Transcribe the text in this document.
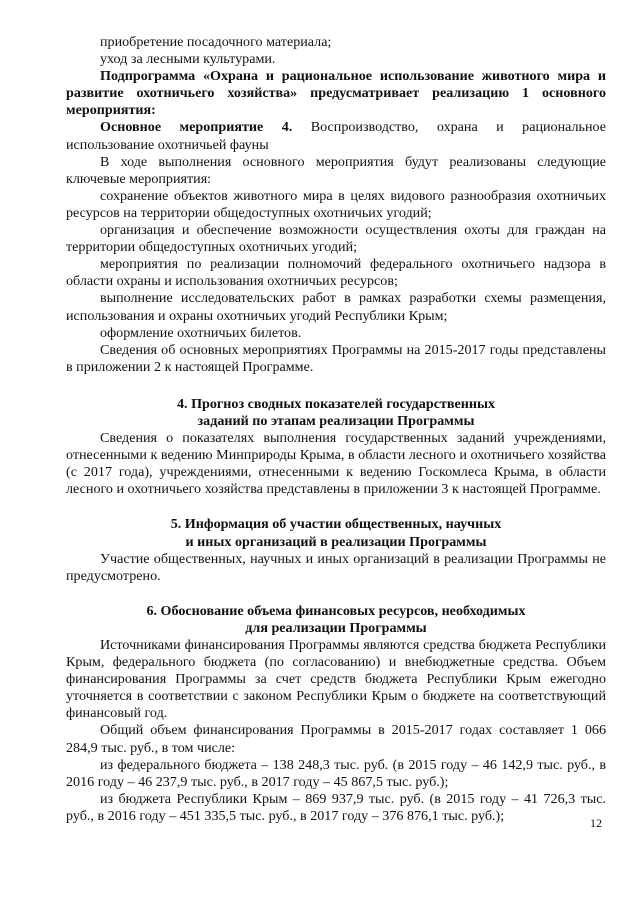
приобретение посадочного материала;

уход за лесными культурами.

Подпрограмма «Охрана и рациональное использование животного мира и развитие охотничьего хозяйства» предусматривает реализацию 1 основного мероприятия:

Основное мероприятие 4. Воспроизводство, охрана и рациональное использование охотничьей фауны

В ходе выполнения основного мероприятия будут реализованы следующие ключевые мероприятия:

сохранение объектов животного мира в целях видового разнообразия охотничьих ресурсов на территории общедоступных охотничьих угодий;

организация и обеспечение возможности осуществления охоты для граждан на территории общедоступных охотничьих угодий;

мероприятия по реализации полномочий федерального охотничьего надзора в области охраны и использования охотничьих ресурсов;

выполнение исследовательских работ в рамках разработки схемы размещения, использования и охраны охотничьих угодий Республики Крым;

оформление охотничьих билетов.

Сведения об основных мероприятиях Программы на 2015-2017 годы представлены в приложении 2 к настоящей Программе.

4. Прогноз сводных показателей государственных
заданий по этапам реализации Программы

Сведения о показателях выполнения государственных заданий учреждениями, отнесенными к ведению Минприроды Крыма, в области лесного и охотничьего хозяйства (с 2017 года), учреждениями, отнесенными к ведению Госкомлеса Крыма, в области лесного и охотничьего хозяйства представлены в приложении 3 к настоящей Программе.

5. Информация об участии общественных, научных
и иных организаций в реализации Программы

Участие общественных, научных и иных организаций в реализации Программы не предусмотрено.

6. Обоснование объема финансовых ресурсов, необходимых
для реализации Программы

Источниками финансирования Программы являются средства бюджета Республики Крым, федерального бюджета (по согласованию) и внебюджетные средства. Объем финансирования Программы за счет средств бюджета Республики Крым ежегодно уточняется в соответствии с законом Республики Крым о бюджете на соответствующий финансовый год.

Общий объем финансирования Программы в 2015-2017 годах составляет 1 066 284,9 тыс. руб., в том числе:

из федерального бюджета – 138 248,3 тыс. руб. (в 2015 году – 46 142,9 тыс. руб., в 2016 году – 46 237,9 тыс. руб., в 2017 году – 45 867,5 тыс. руб.);

из бюджета Республики Крым – 869 937,9 тыс. руб. (в 2015 году – 41 726,3 тыс. руб., в 2016 году – 451 335,5 тыс. руб., в 2017 году – 376 876,1 тыс. руб.);	12
